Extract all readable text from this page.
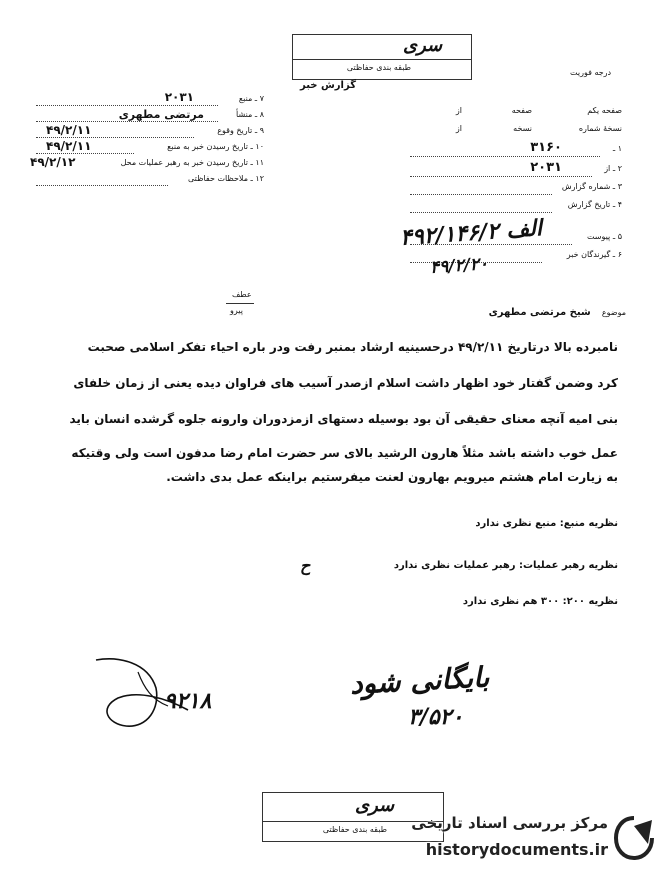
سری
طبقه بندی حفاظتی
گزارش خبر
درجه فوریت
صفحه یکم
صفحه
از
نسخهٔ شماره
نسخه
از
۱ ـ
۳۱۶۰
۲ ـ از
۲۰۳۱
۳ ـ شماره گزارش
۴ ـ تاریخ گزارش
۵ ـ پیوست
۶ ـ گیرندگان خبر
۷ ـ منبع
۲۰۳۱
۸ ـ منشأ
مرتضی مطهری
۹ ـ تاریخ وقوع
۴۹/۲/۱۱
۱۰ ـ تاریخ رسیدن خبر به منبع
۴۹/۲/۱۱
۱۱ ـ تاریخ رسیدن خبر به رهبر عملیات محل
۴۹/۲/۱۲
۱۲ ـ ملاحظات حفاظتی
۴۹۲/۱۴۶/الف ۲
۴۹/۲/۲۰
عطف
پیرو	موضوع شیخ مرتضی مطهری
نامبرده بالا درتاریخ ۴۹/۲/۱۱ درحسینیه ارشاد بمنبر رفت ودر باره احیاء تفکر اسلامی صحبت
کرد وضمن گفتار خود اظهار داشت اسلام ازصدر آسیب های فراوان دیده یعنی از زمان خلفای
بنی امیه آنچه معنای حقیقی آن بود بوسیله دستهای ازمزدوران وارونه جلوه گرشده انسان باید
عمل خوب داشته باشد مثلاً هارون الرشید بالای سر حضرت امام رضا مدفون است ولی وقتیکه
به زیارت امام هشتم میرویم بهارون لعنت میفرستیم براینکه عمل بدی داشت.
نظریه منبع: منبع نظری ندارد
نظریه رهبر عملیات: رهبر عملیات نظری ندارد
ح
نظریه ۲۰۰: ۳۰۰ هم نظری ندارد
بایگانی شود
۳/۵۲۰
۹۲۱۸
سری
طبقه بندی حفاظتی مرکز بررسی اسناد تاریخی
historydocuments.ir
